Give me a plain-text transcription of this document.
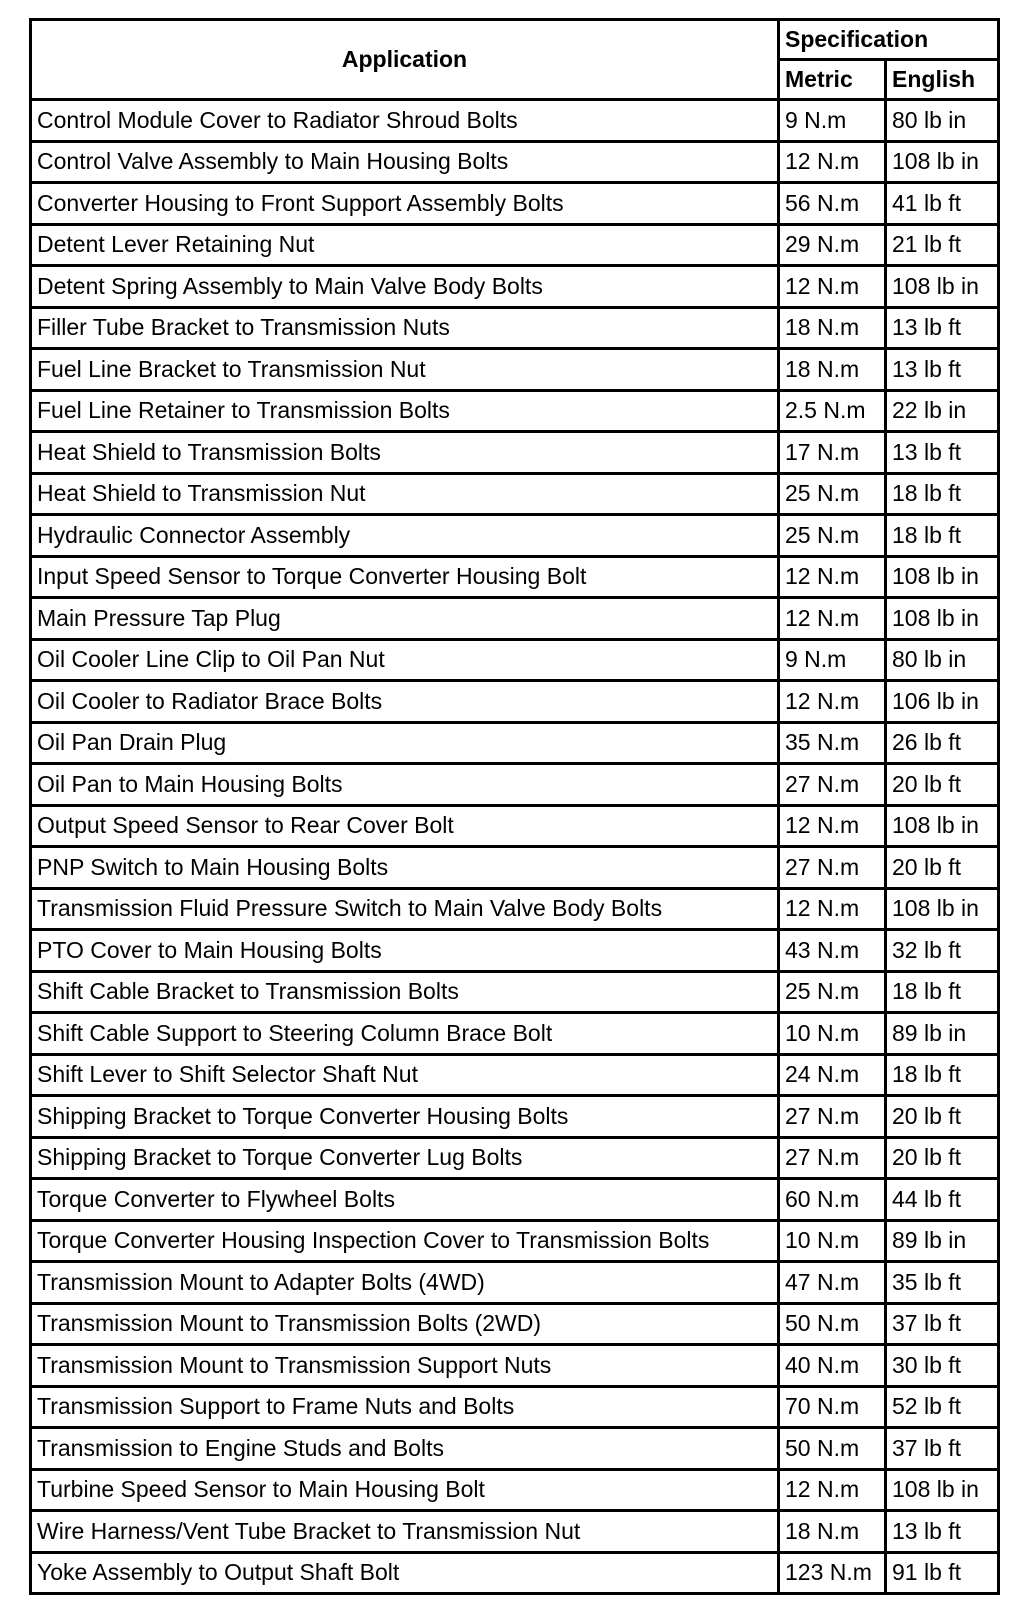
Application	Specification	
	Metric	English
Control Module Cover to Radiator Shroud Bolts	9 N.m	80 lb in
Control Valve Assembly to Main Housing Bolts	12 N.m	108 lb in
Converter Housing to Front Support Assembly Bolts	56 N.m	41 lb ft
Detent Lever Retaining Nut	29 N.m	21 lb ft
Detent Spring Assembly to Main Valve Body Bolts	12 N.m	108 lb in
Filler Tube Bracket to Transmission Nuts	18 N.m	13 lb ft
Fuel Line Bracket to Transmission Nut	18 N.m	13 lb ft
Fuel Line Retainer to Transmission Bolts	2.5 N.m	22 lb in
Heat Shield to Transmission Bolts	17 N.m	13 lb ft
Heat Shield to Transmission Nut	25 N.m	18 lb ft
Hydraulic Connector Assembly	25 N.m	18 lb ft
Input Speed Sensor to Torque Converter Housing Bolt	12 N.m	108 lb in
Main Pressure Tap Plug	12 N.m	108 lb in
Oil Cooler Line Clip to Oil Pan Nut	9 N.m	80 lb in
Oil Cooler to Radiator Brace Bolts	12 N.m	106 lb in
Oil Pan Drain Plug	35 N.m	26 lb ft
Oil Pan to Main Housing Bolts	27 N.m	20 lb ft
Output Speed Sensor to Rear Cover Bolt	12 N.m	108 lb in
PNP Switch to Main Housing Bolts	27 N.m	20 lb ft
Transmission Fluid Pressure Switch to Main Valve Body Bolts	12 N.m	108 lb in
PTO Cover to Main Housing Bolts	43 N.m	32 lb ft
Shift Cable Bracket to Transmission Bolts	25 N.m	18 lb ft
Shift Cable Support to Steering Column Brace Bolt	10 N.m	89 lb in
Shift Lever to Shift Selector Shaft Nut	24 N.m	18 lb ft
Shipping Bracket to Torque Converter Housing Bolts	27 N.m	20 lb ft
Shipping Bracket to Torque Converter Lug Bolts	27 N.m	20 lb ft
Torque Converter to Flywheel Bolts	60 N.m	44 lb ft
Torque Converter Housing Inspection Cover to Transmission Bolts	10 N.m	89 lb in
Transmission Mount to Adapter Bolts (4WD)	47 N.m	35 lb ft
Transmission Mount to Transmission Bolts (2WD)	50 N.m	37 lb ft
Transmission Mount to Transmission Support Nuts	40 N.m	30 lb ft
Transmission Support to Frame Nuts and Bolts	70 N.m	52 lb ft
Transmission to Engine Studs and Bolts	50 N.m	37 lb ft
Turbine Speed Sensor to Main Housing Bolt	12 N.m	108 lb in
Wire Harness/Vent Tube Bracket to Transmission Nut	18 N.m	13 lb ft
Yoke Assembly to Output Shaft Bolt	123 N.m	91 lb ft
